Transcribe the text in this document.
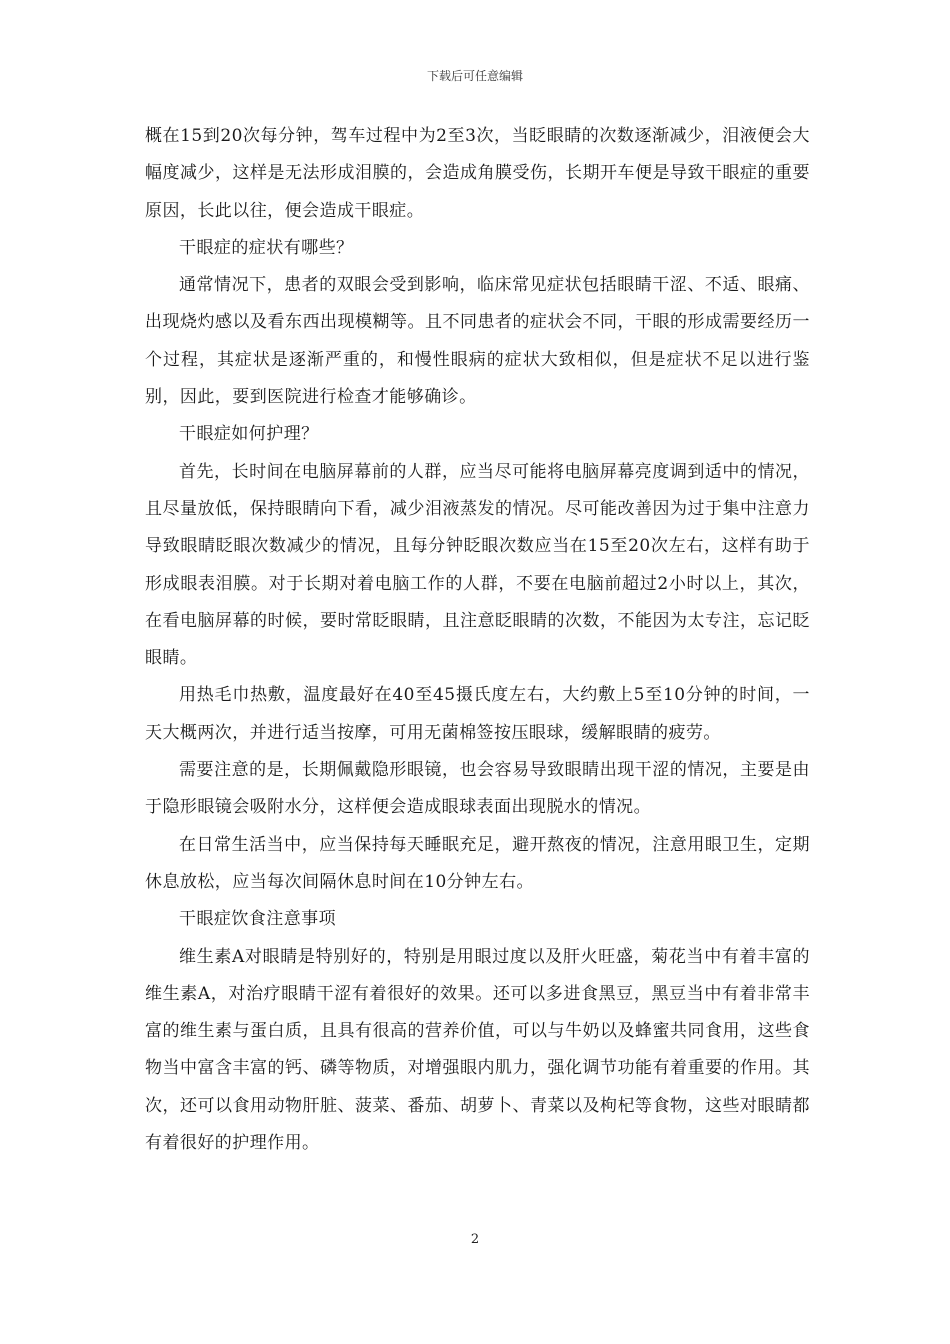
下载后可任意编辑

概在15到20次每分钟，驾车过程中为2至3次，当眨眼睛的次数逐渐减少，泪液便会大幅度减少，这样是无法形成泪膜的，会造成角膜受伤，长期开车便是导致干眼症的重要原因，长此以往，便会造成干眼症。

干眼症的症状有哪些？

通常情况下，患者的双眼会受到影响，临床常见症状包括眼睛干涩、不适、眼痛、出现烧灼感以及看东西出现模糊等。且不同患者的症状会不同，干眼的形成需要经历一个过程，其症状是逐渐严重的，和慢性眼病的症状大致相似，但是症状不足以进行鉴别，因此，要到医院进行检查才能够确诊。

干眼症如何护理？

首先，长时间在电脑屏幕前的人群，应当尽可能将电脑屏幕亮度调到适中的情况，且尽量放低，保持眼睛向下看，减少泪液蒸发的情况。尽可能改善因为过于集中注意力导致眼睛眨眼次数减少的情况，且每分钟眨眼次数应当在15至20次左右，这样有助于形成眼表泪膜。对于长期对着电脑工作的人群，不要在电脑前超过2小时以上，其次，在看电脑屏幕的时候，要时常眨眼睛，且注意眨眼睛的次数，不能因为太专注，忘记眨眼睛。

用热毛巾热敷，温度最好在40至45摄氏度左右，大约敷上5至10分钟的时间，一天大概两次，并进行适当按摩，可用无菌棉签按压眼球，缓解眼睛的疲劳。

需要注意的是，长期佩戴隐形眼镜，也会容易导致眼睛出现干涩的情况，主要是由于隐形眼镜会吸附水分，这样便会造成眼球表面出现脱水的情况。

在日常生活当中，应当保持每天睡眠充足，避开熬夜的情况，注意用眼卫生，定期休息放松，应当每次间隔休息时间在10分钟左右。

干眼症饮食注意事项

维生素A对眼睛是特别好的，特别是用眼过度以及肝火旺盛，菊花当中有着丰富的维生素A，对治疗眼睛干涩有着很好的效果。还可以多进食黑豆，黑豆当中有着非常丰富的维生素与蛋白质，且具有很高的营养价值，可以与牛奶以及蜂蜜共同食用，这些食物当中富含丰富的钙、磷等物质，对增强眼内肌力，强化调节功能有着重要的作用。其次，还可以食用动物肝脏、菠菜、番茄、胡萝卜、青菜以及枸杞等食物，这些对眼睛都有着很好的护理作用。

2
